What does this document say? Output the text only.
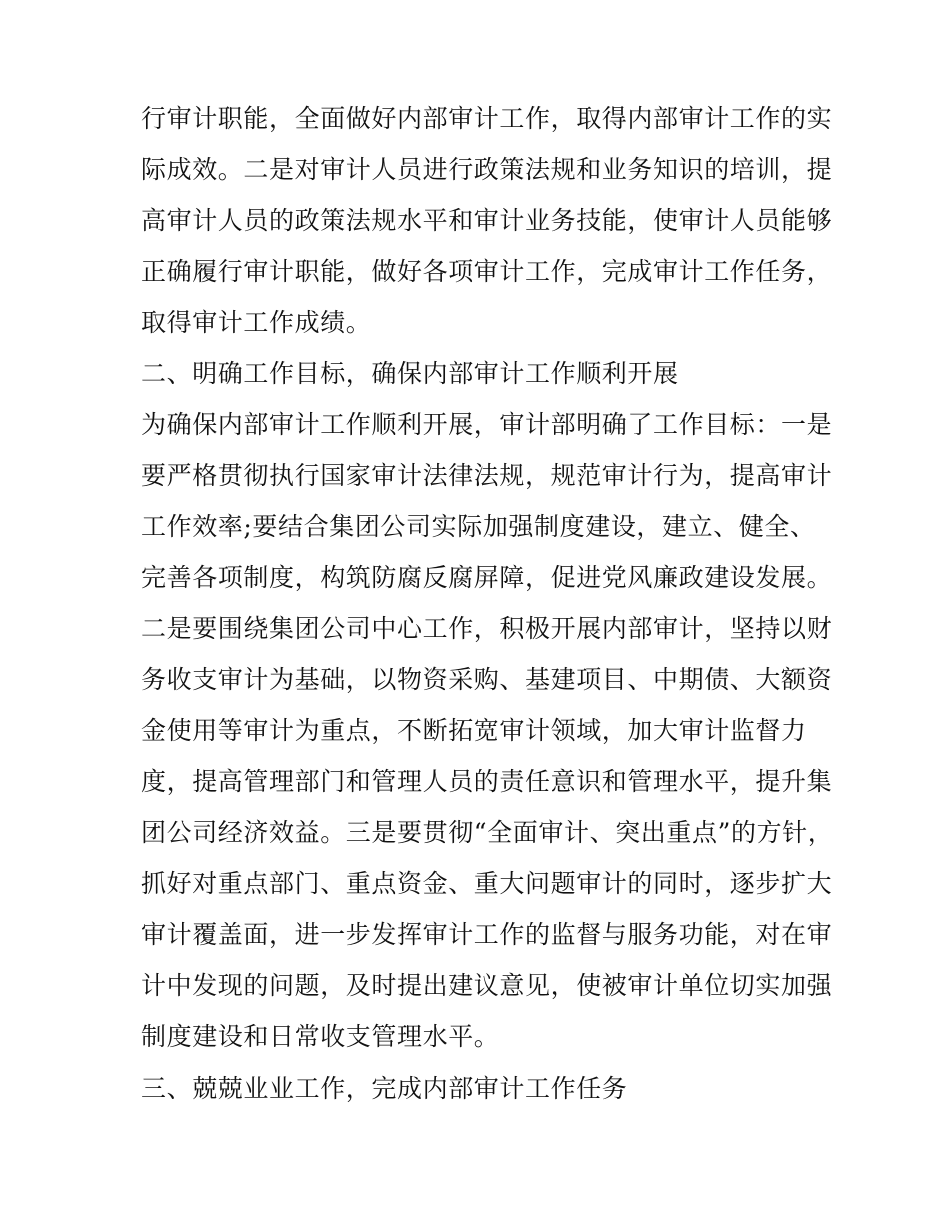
行审计职能，全面做好内部审计工作，取得内部审计工作的实
际成效。二是对审计人员进行政策法规和业务知识的培训，提
高审计人员的政策法规水平和审计业务技能，使审计人员能够
正确履行审计职能，做好各项审计工作，完成审计工作任务，
取得审计工作成绩。
二、明确工作目标，确保内部审计工作顺利开展
为确保内部审计工作顺利开展，审计部明确了工作目标：一是
要严格贯彻执行国家审计法律法规，规范审计行为，提高审计
工作效率;要结合集团公司实际加强制度建设，建立、健全、
完善各项制度，构筑防腐反腐屏障，促进党风廉政建设发展。
二是要围绕集团公司中心工作，积极开展内部审计，坚持以财
务收支审计为基础，以物资采购、基建项目、中期债、大额资
金使用等审计为重点，不断拓宽审计领域，加大审计监督力
度，提高管理部门和管理人员的责任意识和管理水平，提升集
团公司经济效益。三是要贯彻“全面审计、突出重点”的方针，
抓好对重点部门、重点资金、重大问题审计的同时，逐步扩大
审计覆盖面，进一步发挥审计工作的监督与服务功能，对在审
计中发现的问题，及时提出建议意见，使被审计单位切实加强
制度建设和日常收支管理水平。
三、兢兢业业工作，完成内部审计工作任务
